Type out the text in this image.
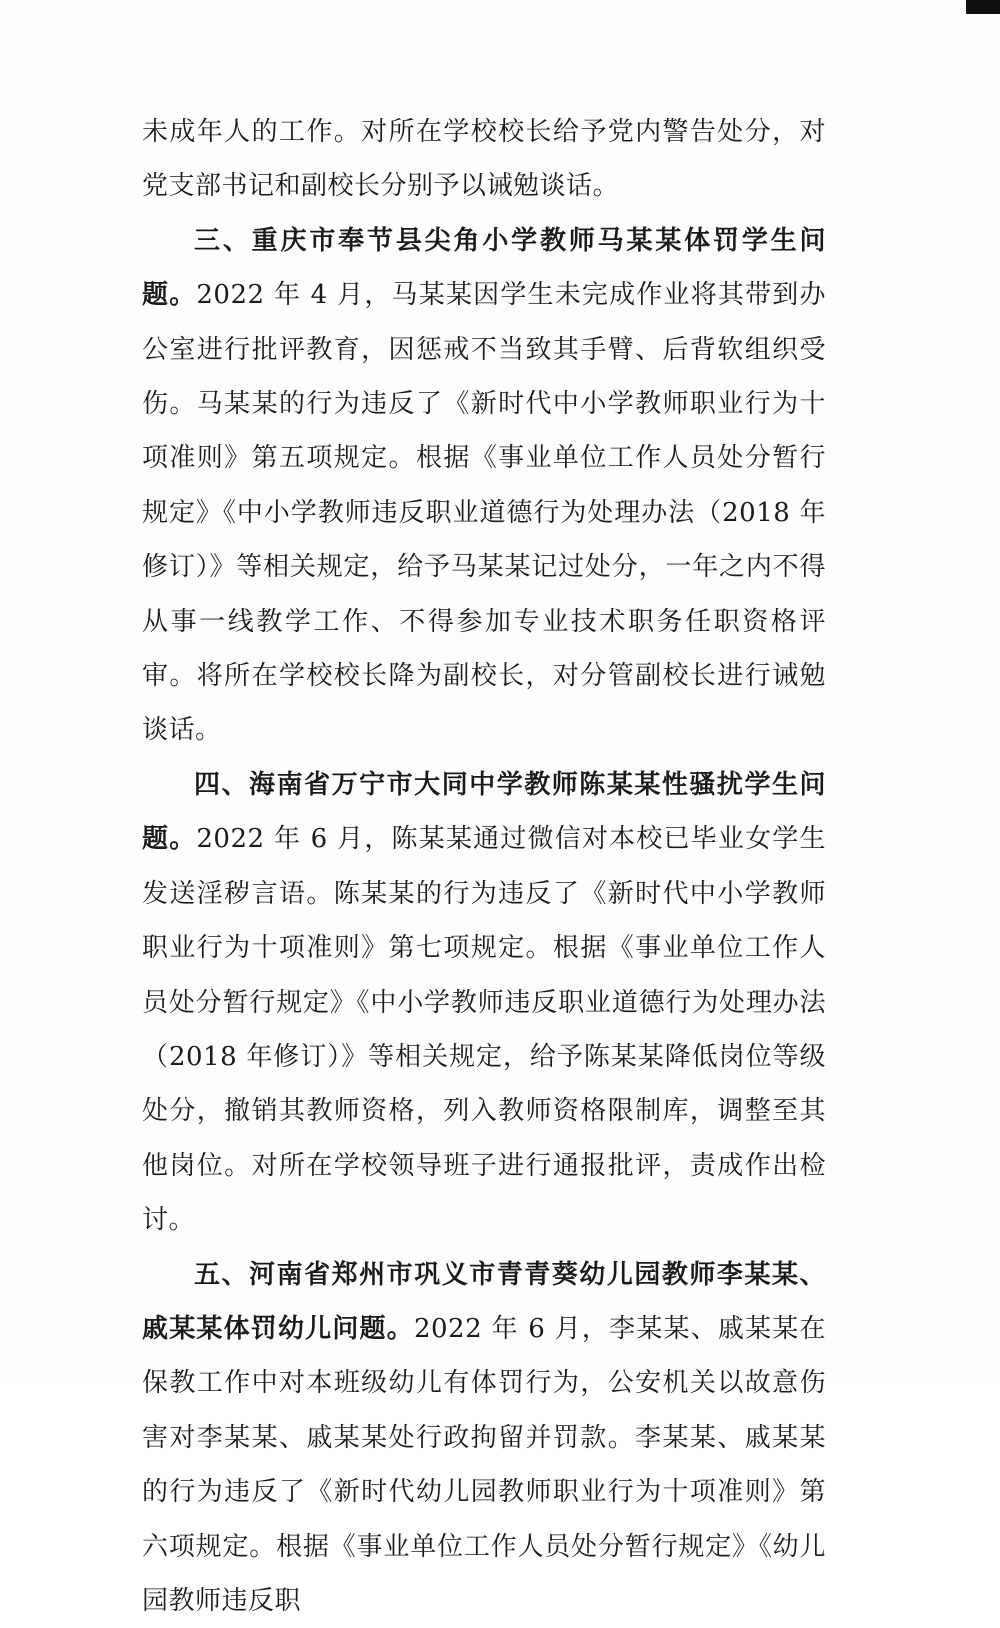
未成年人的工作。对所在学校校长给予党内警告处分，对党支部书记和副校长分别予以诫勉谈话。

三、重庆市奉节县尖角小学教师马某某体罚学生问题。2022 年 4 月，马某某因学生未完成作业将其带到办公室进行批评教育，因惩戒不当致其手臂、后背软组织受伤。马某某的行为违反了《新时代中小学教师职业行为十项准则》第五项规定。根据《事业单位工作人员处分暂行规定》《中小学教师违反职业道德行为处理办法（2018 年修订）》等相关规定，给予马某某记过处分，一年之内不得从事一线教学工作、不得参加专业技术职务任职资格评审。将所在学校校长降为副校长，对分管副校长进行诫勉谈话。

四、海南省万宁市大同中学教师陈某某性骚扰学生问题。2022 年 6 月，陈某某通过微信对本校已毕业女学生发送淫秽言语。陈某某的行为违反了《新时代中小学教师职业行为十项准则》第七项规定。根据《事业单位工作人员处分暂行规定》《中小学教师违反职业道德行为处理办法（2018 年修订）》等相关规定，给予陈某某降低岗位等级处分，撤销其教师资格，列入教师资格限制库，调整至其他岗位。对所在学校领导班子进行通报批评，责成作出检讨。

五、河南省郑州市巩义市青青葵幼儿园教师李某某、戚某某体罚幼儿问题。2022 年 6 月，李某某、戚某某在保教工作中对本班级幼儿有体罚行为，公安机关以故意伤害对李某某、戚某某处行政拘留并罚款。李某某、戚某某的行为违反了《新时代幼儿园教师职业行为十项准则》第六项规定。根据《事业单位工作人员处分暂行规定》《幼儿园教师违反职
